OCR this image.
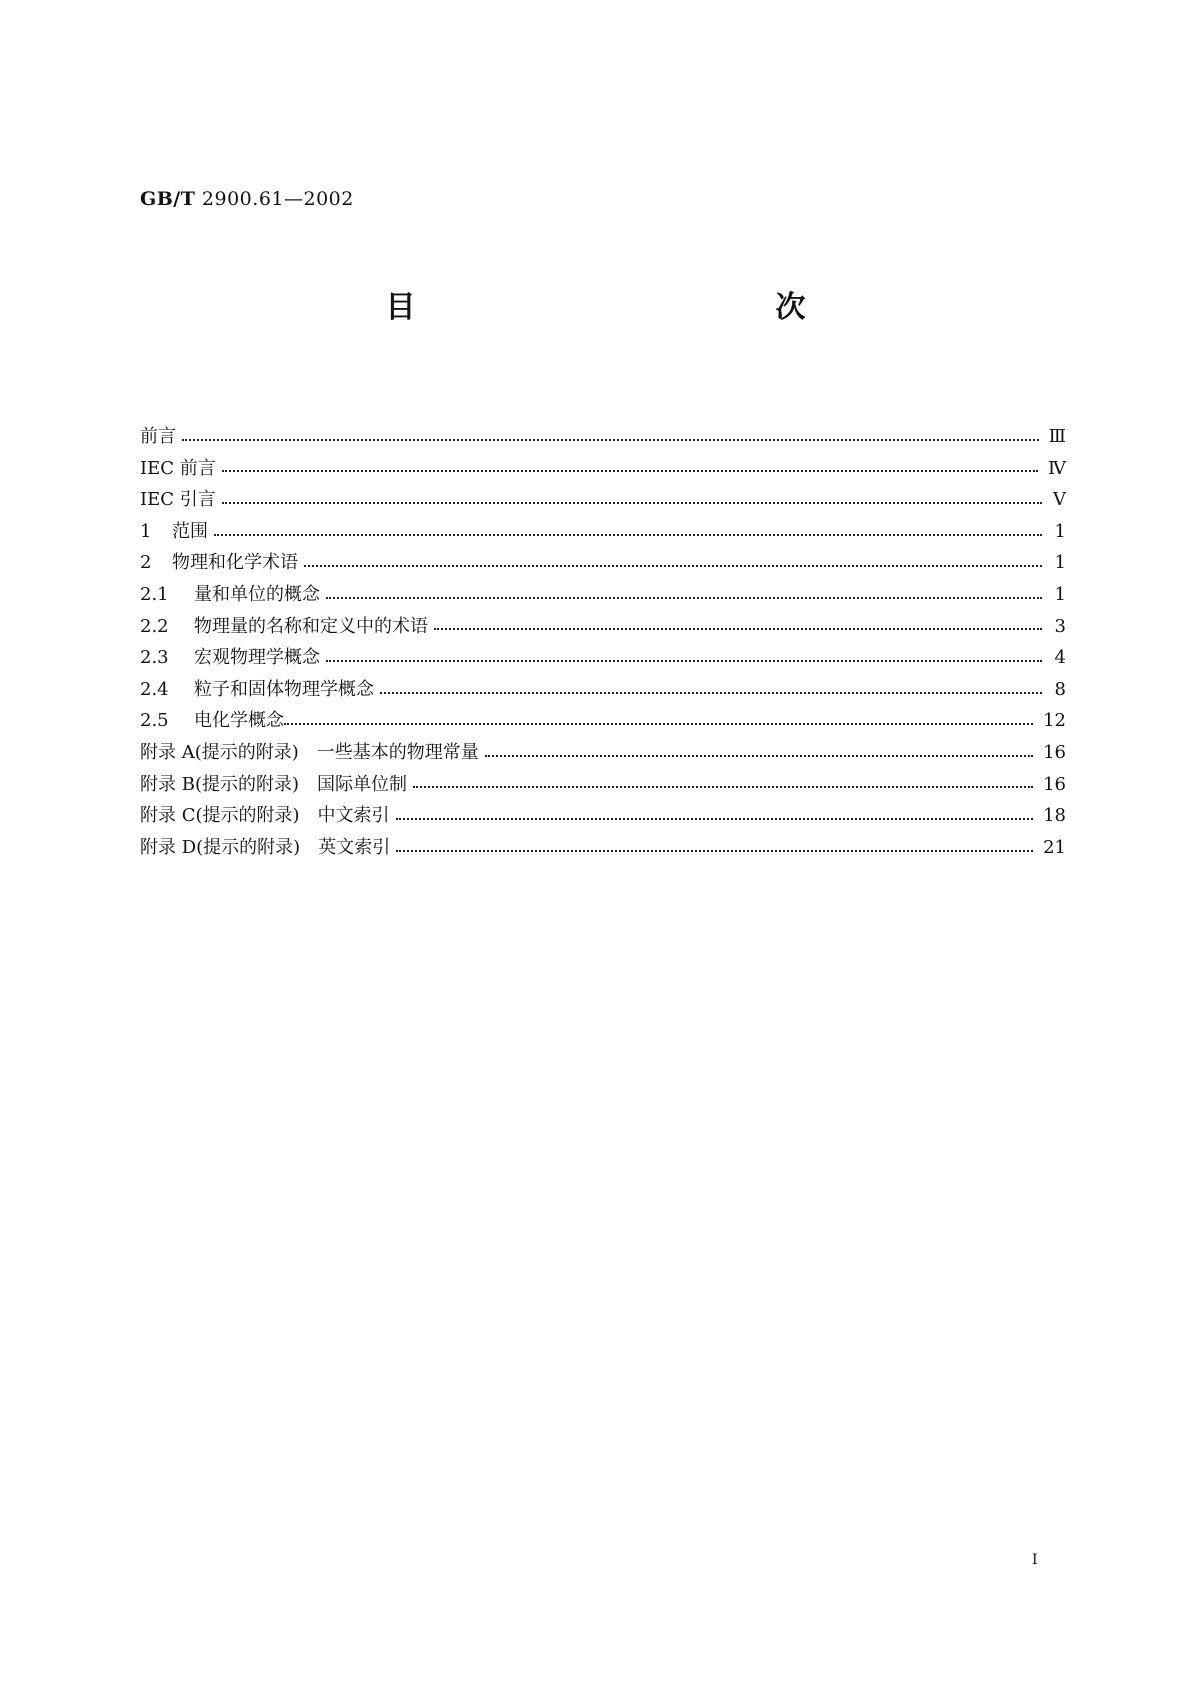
GB/T 2900.61—2002
目　　次
前言	Ⅲ
IEC 前言	Ⅳ
IEC 引言	Ⅴ
1 范围	1
2 物理和化学术语	1
2.1 量和单位的概念	1
2.2 物理量的名称和定义中的术语	3
2.3 宏观物理学概念	4
2.4 粒子和固体物理学概念	8
2.5 电化学概念	12
附录 A(提示的附录)　一些基本的物理常量	16
附录 B(提示的附录)　国际单位制	16
附录 C(提示的附录)　中文索引	18
附录 D(提示的附录)　英文索引	21
Ⅰ
